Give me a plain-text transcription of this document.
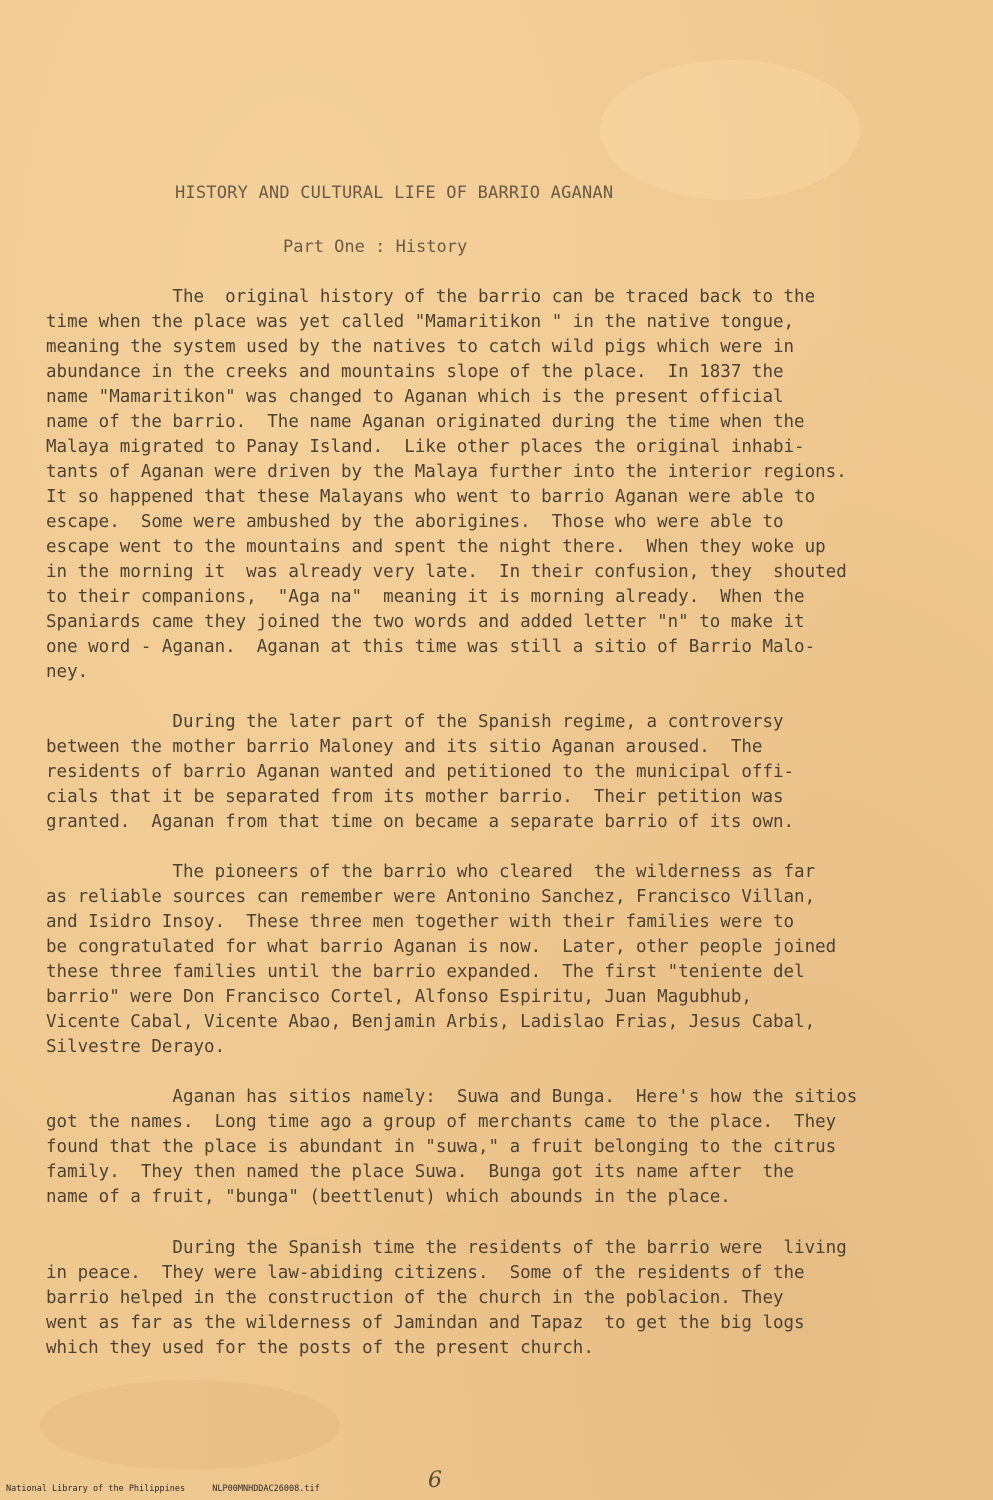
HISTORY AND CULTURAL LIFE OF BARRIO AGANAN
Part One : History
The  original history of the barrio can be traced back to the
time when the place was yet called "Mamaritikon " in the native tongue,
meaning the system used by the natives to catch wild pigs which were in
abundance in the creeks and mountains slope of the place.  In 1837 the
name "Mamaritikon" was changed to Aganan which is the present official
name of the barrio.  The name Aganan originated during the time when the
Malaya migrated to Panay Island.  Like other places the original inhabi-
tants of Aganan were driven by the Malaya further into the interior regions.
It so happened that these Malayans who went to barrio Aganan were able to
escape.  Some were ambushed by the aborigines.  Those who were able to
escape went to the mountains and spent the night there.  When they woke up
in the morning it  was already very late.  In their confusion, they  shouted
to their companions,  "Aga na"  meaning it is morning already.  When the
Spaniards came they joined the two words and added letter "n" to make it
one word - Aganan.  Aganan at this time was still a sitio of Barrio Malo-
ney.
During the later part of the Spanish regime, a controversy
between the mother barrio Maloney and its sitio Aganan aroused.  The
residents of barrio Aganan wanted and petitioned to the municipal offi-
cials that it be separated from its mother barrio.  Their petition was
granted.  Aganan from that time on became a separate barrio of its own.
The pioneers of the barrio who cleared  the wilderness as far
as reliable sources can remember were Antonino Sanchez, Francisco Villan,
and Isidro Insoy.  These three men together with their families were to
be congratulated for what barrio Aganan is now.  Later, other people joined
these three families until the barrio expanded.  The first "teniente del
barrio" were Don Francisco Cortel, Alfonso Espiritu, Juan Magubhub,
Vicente Cabal, Vicente Abao, Benjamin Arbis, Ladislao Frias, Jesus Cabal,
Silvestre Derayo.
Aganan has sitios namely:  Suwa and Bunga.  Here's how the sitios
got the names.  Long time ago a group of merchants came to the place.  They
found that the place is abundant in "suwa," a fruit belonging to the citrus
family.  They then named the place Suwa.  Bunga got its name after  the
name of a fruit, "bunga" (beettlenut) which abounds in the place.
During the Spanish time the residents of the barrio were  living
in peace.  They were law-abiding citizens.  Some of the residents of the
barrio helped in the construction of the church in the poblacion. They
went as far as the wilderness of Jamindan and Tapaz  to get the big logs
which they used for the posts of the present church.
6
National Library of the Philippines	NLP00MNHDDAC26008.tif
